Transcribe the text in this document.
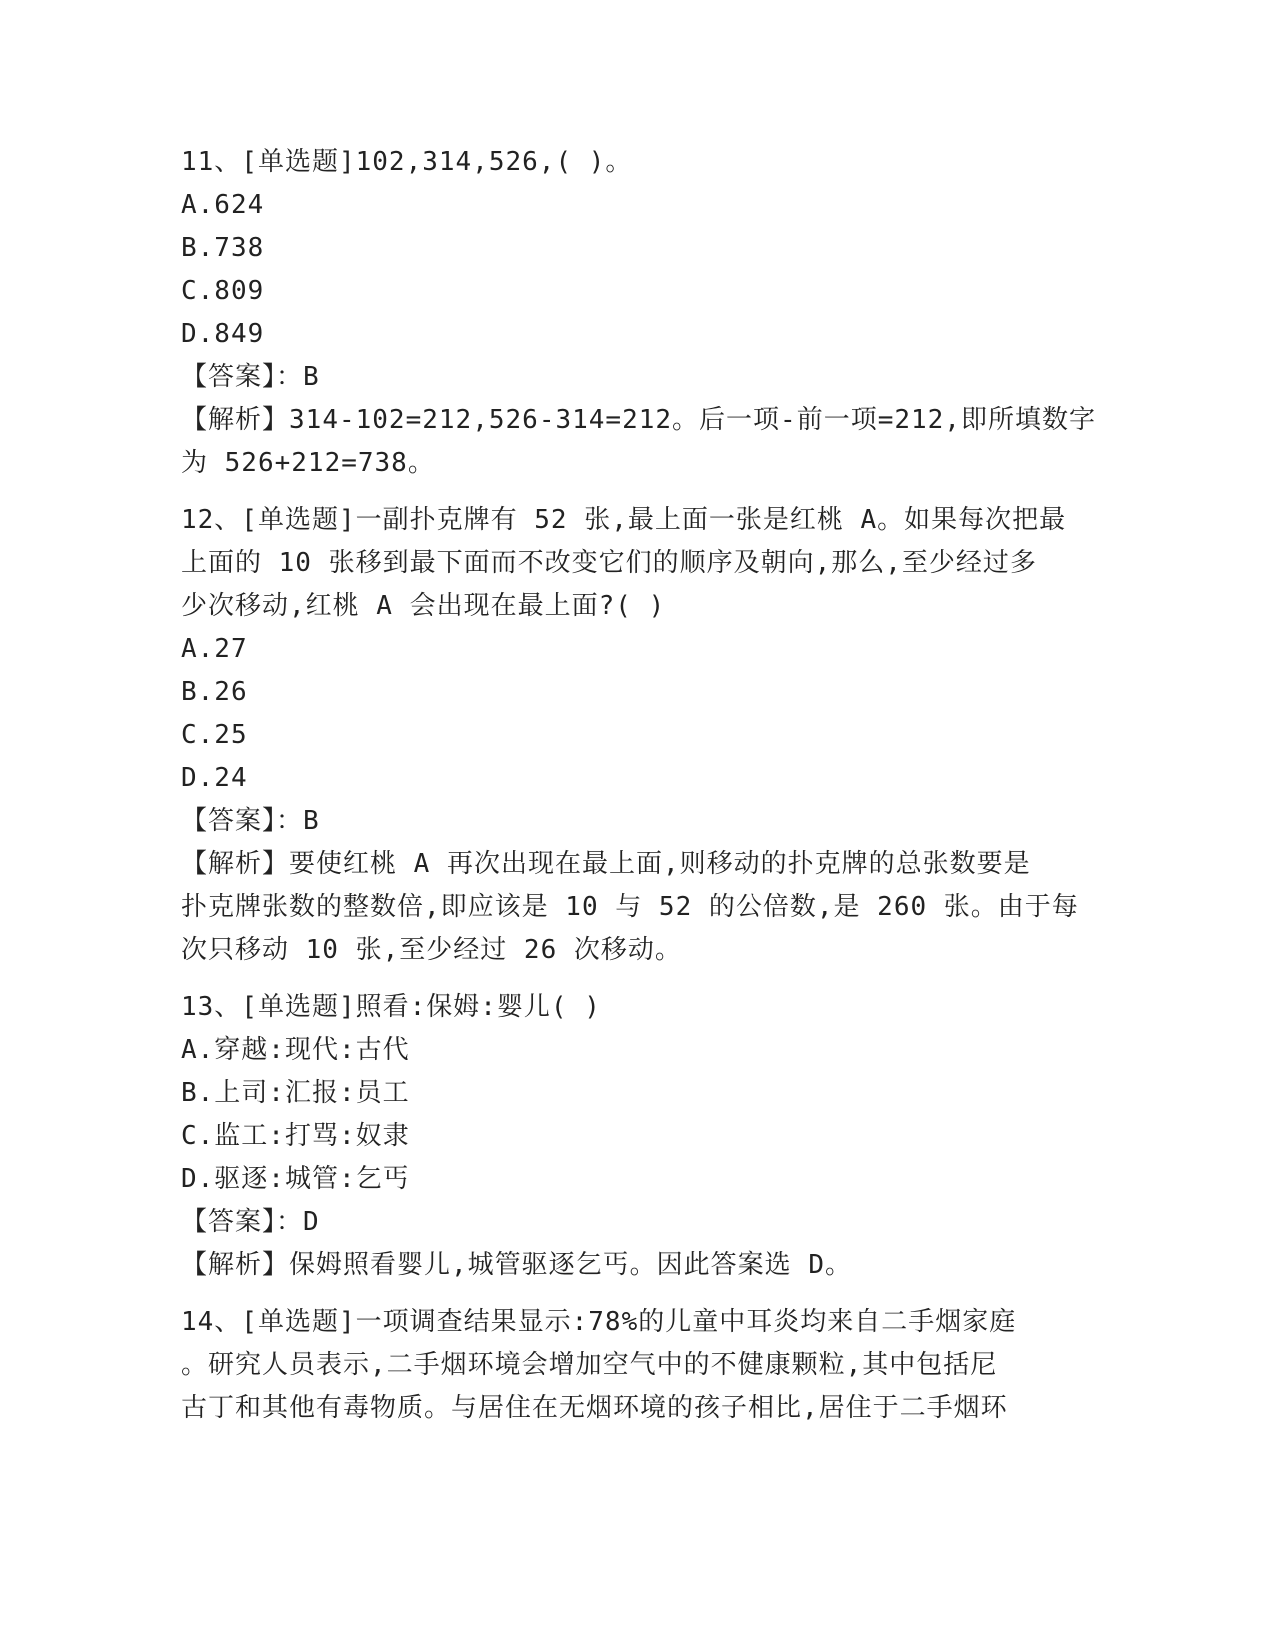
11、[单选题]102,314,526,( )。
A.624
B.738
C.809
D.849
【答案】：B
【解析】314-102=212,526-314=212。后一项-前一项=212,即所填数字
为 526+212=738。
12、[单选题]一副扑克牌有 52 张,最上面一张是红桃 A。如果每次把最
上面的 10 张移到最下面而不改变它们的顺序及朝向,那么,至少经过多
少次移动,红桃 A 会出现在最上面?( )
A.27
B.26
C.25
D.24
【答案】：B
【解析】要使红桃 A 再次出现在最上面,则移动的扑克牌的总张数要是
扑克牌张数的整数倍,即应该是 10 与 52 的公倍数,是 260 张。由于每
次只移动 10 张,至少经过 26 次移动。
13、[单选题]照看:保姆:婴儿( )
A.穿越:现代:古代
B.上司:汇报:员工
C.监工:打骂:奴隶
D.驱逐:城管:乞丐
【答案】：D
【解析】保姆照看婴儿,城管驱逐乞丐。因此答案选 D。
14、[单选题]一项调查结果显示:78%的儿童中耳炎均来自二手烟家庭
。研究人员表示,二手烟环境会增加空气中的不健康颗粒,其中包括尼
古丁和其他有毒物质。与居住在无烟环境的孩子相比,居住于二手烟环
